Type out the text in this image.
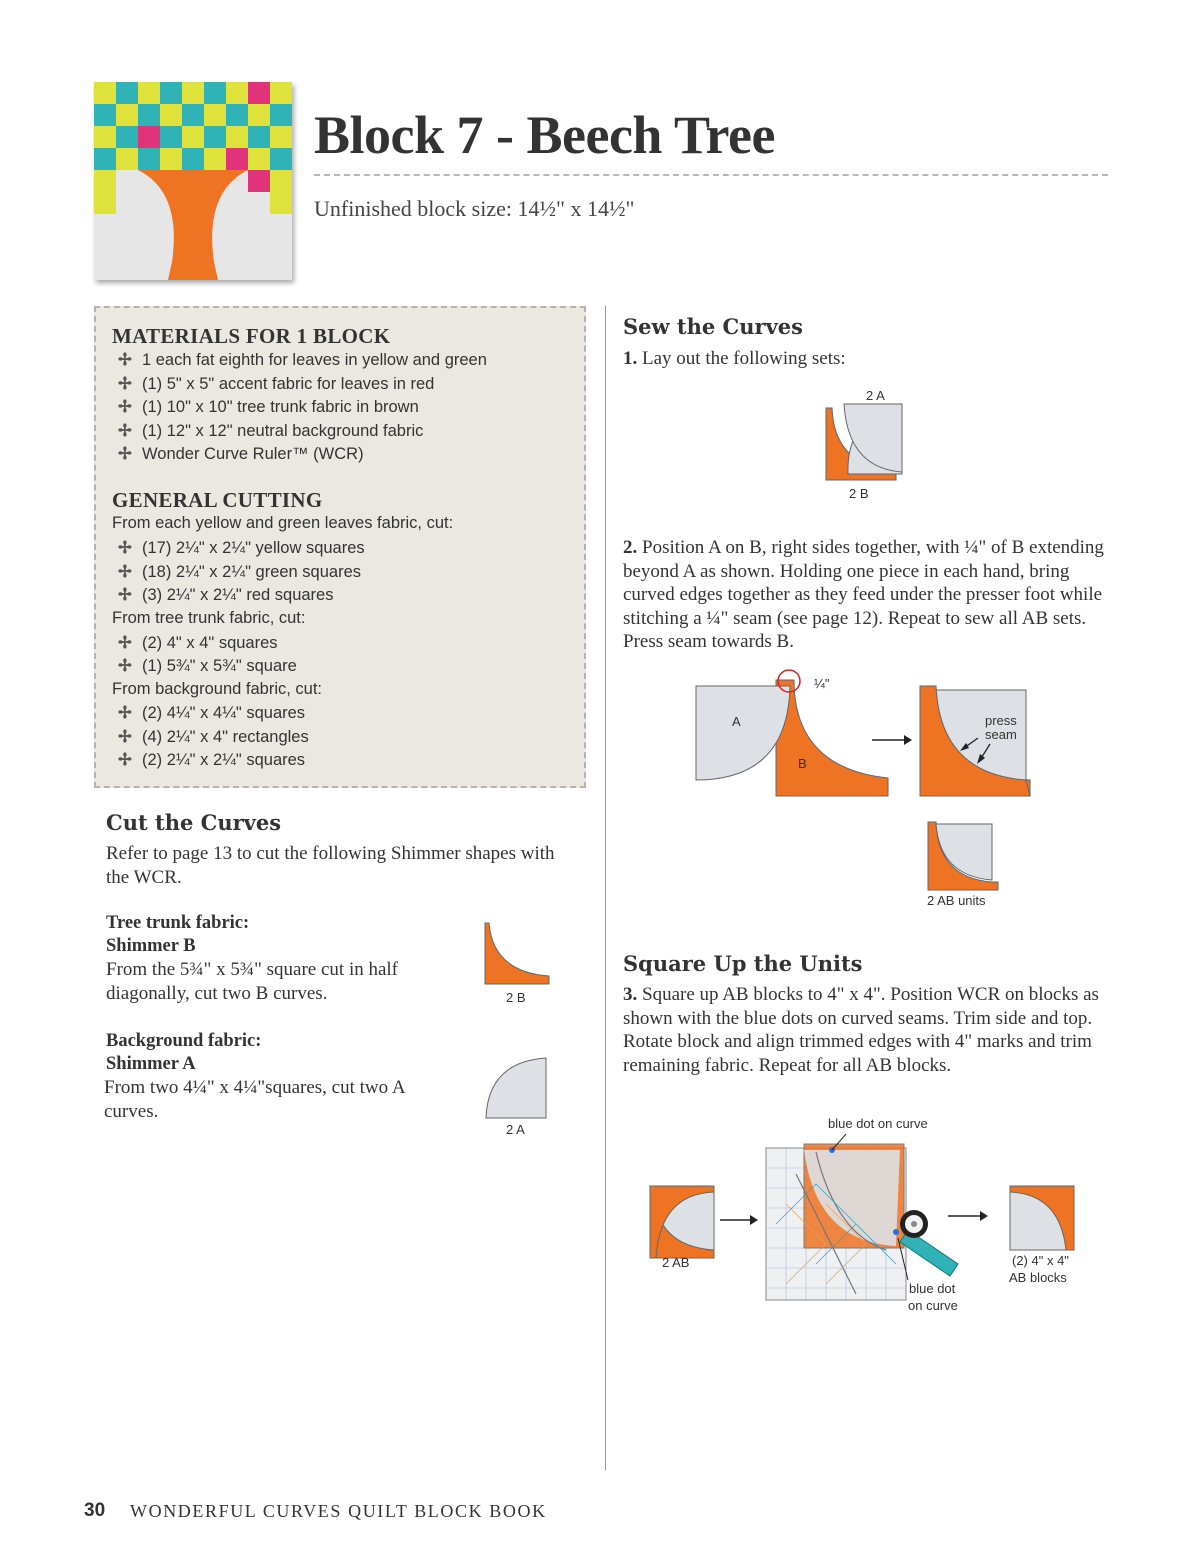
Block 7 - Beech Tree
Unfinished block size: 14½" x 14½"
MATERIALS FOR 1 BLOCK
✢ 1 each fat eighth for leaves in yellow and green
✢ (1) 5" x 5" accent fabric for leaves in red
✢ (1) 10" x 10" tree trunk fabric in brown
✢ (1) 12" x 12" neutral background fabric
✢ Wonder Curve Ruler™ (WCR)
GENERAL CUTTING
From each yellow and green leaves fabric, cut:
✢ (17) 2¼" x 2¼" yellow squares
✢ (18) 2¼" x 2¼" green squares
✢ (3) 2¼" x 2¼" red squares
From tree trunk fabric, cut:
✢ (2) 4" x 4" squares
✢ (1) 5¾" x 5¾" square
From background fabric, cut:
✢ (2) 4¼" x 4¼" squares
✢ (4) 2¼" x 4" rectangles
✢ (2) 2¼" x 2¼" squares
Cut the Curves
Refer to page 13 to cut the following Shimmer shapes with the WCR.
Tree trunk fabric:
Shimmer B
From the 5¾" x 5¾" square cut in half diagonally, cut two B curves.	2 B
Background fabric:
Shimmer A
From two 4¼" x 4¼"squares, cut two A curves.
2 A
Sew the Curves
1. Lay out the following sets:
2 A
2 B
2. Position A on B, right sides together, with ¼" of B extending beyond A as shown. Holding one piece in each hand, bring curved edges together as they feed under the presser foot while stitching a ¼" seam (see page 12). Repeat to sew all AB sets. Press seam towards B.
¼"
A
B
press
seam
2 AB units
Square Up the Units
3. Square up AB blocks to 4" x 4". Position WCR on blocks as shown with the blue dots on curved seams. Trim side and top. Rotate block and align trimmed edges with 4" marks and trim remaining fabric. Repeat for all AB blocks.
blue dot on curve
2 AB
blue dot
on curve
(2) 4" x 4"
AB blocks
30 WONDERFUL CURVES QUILT BLOCK BOOK
